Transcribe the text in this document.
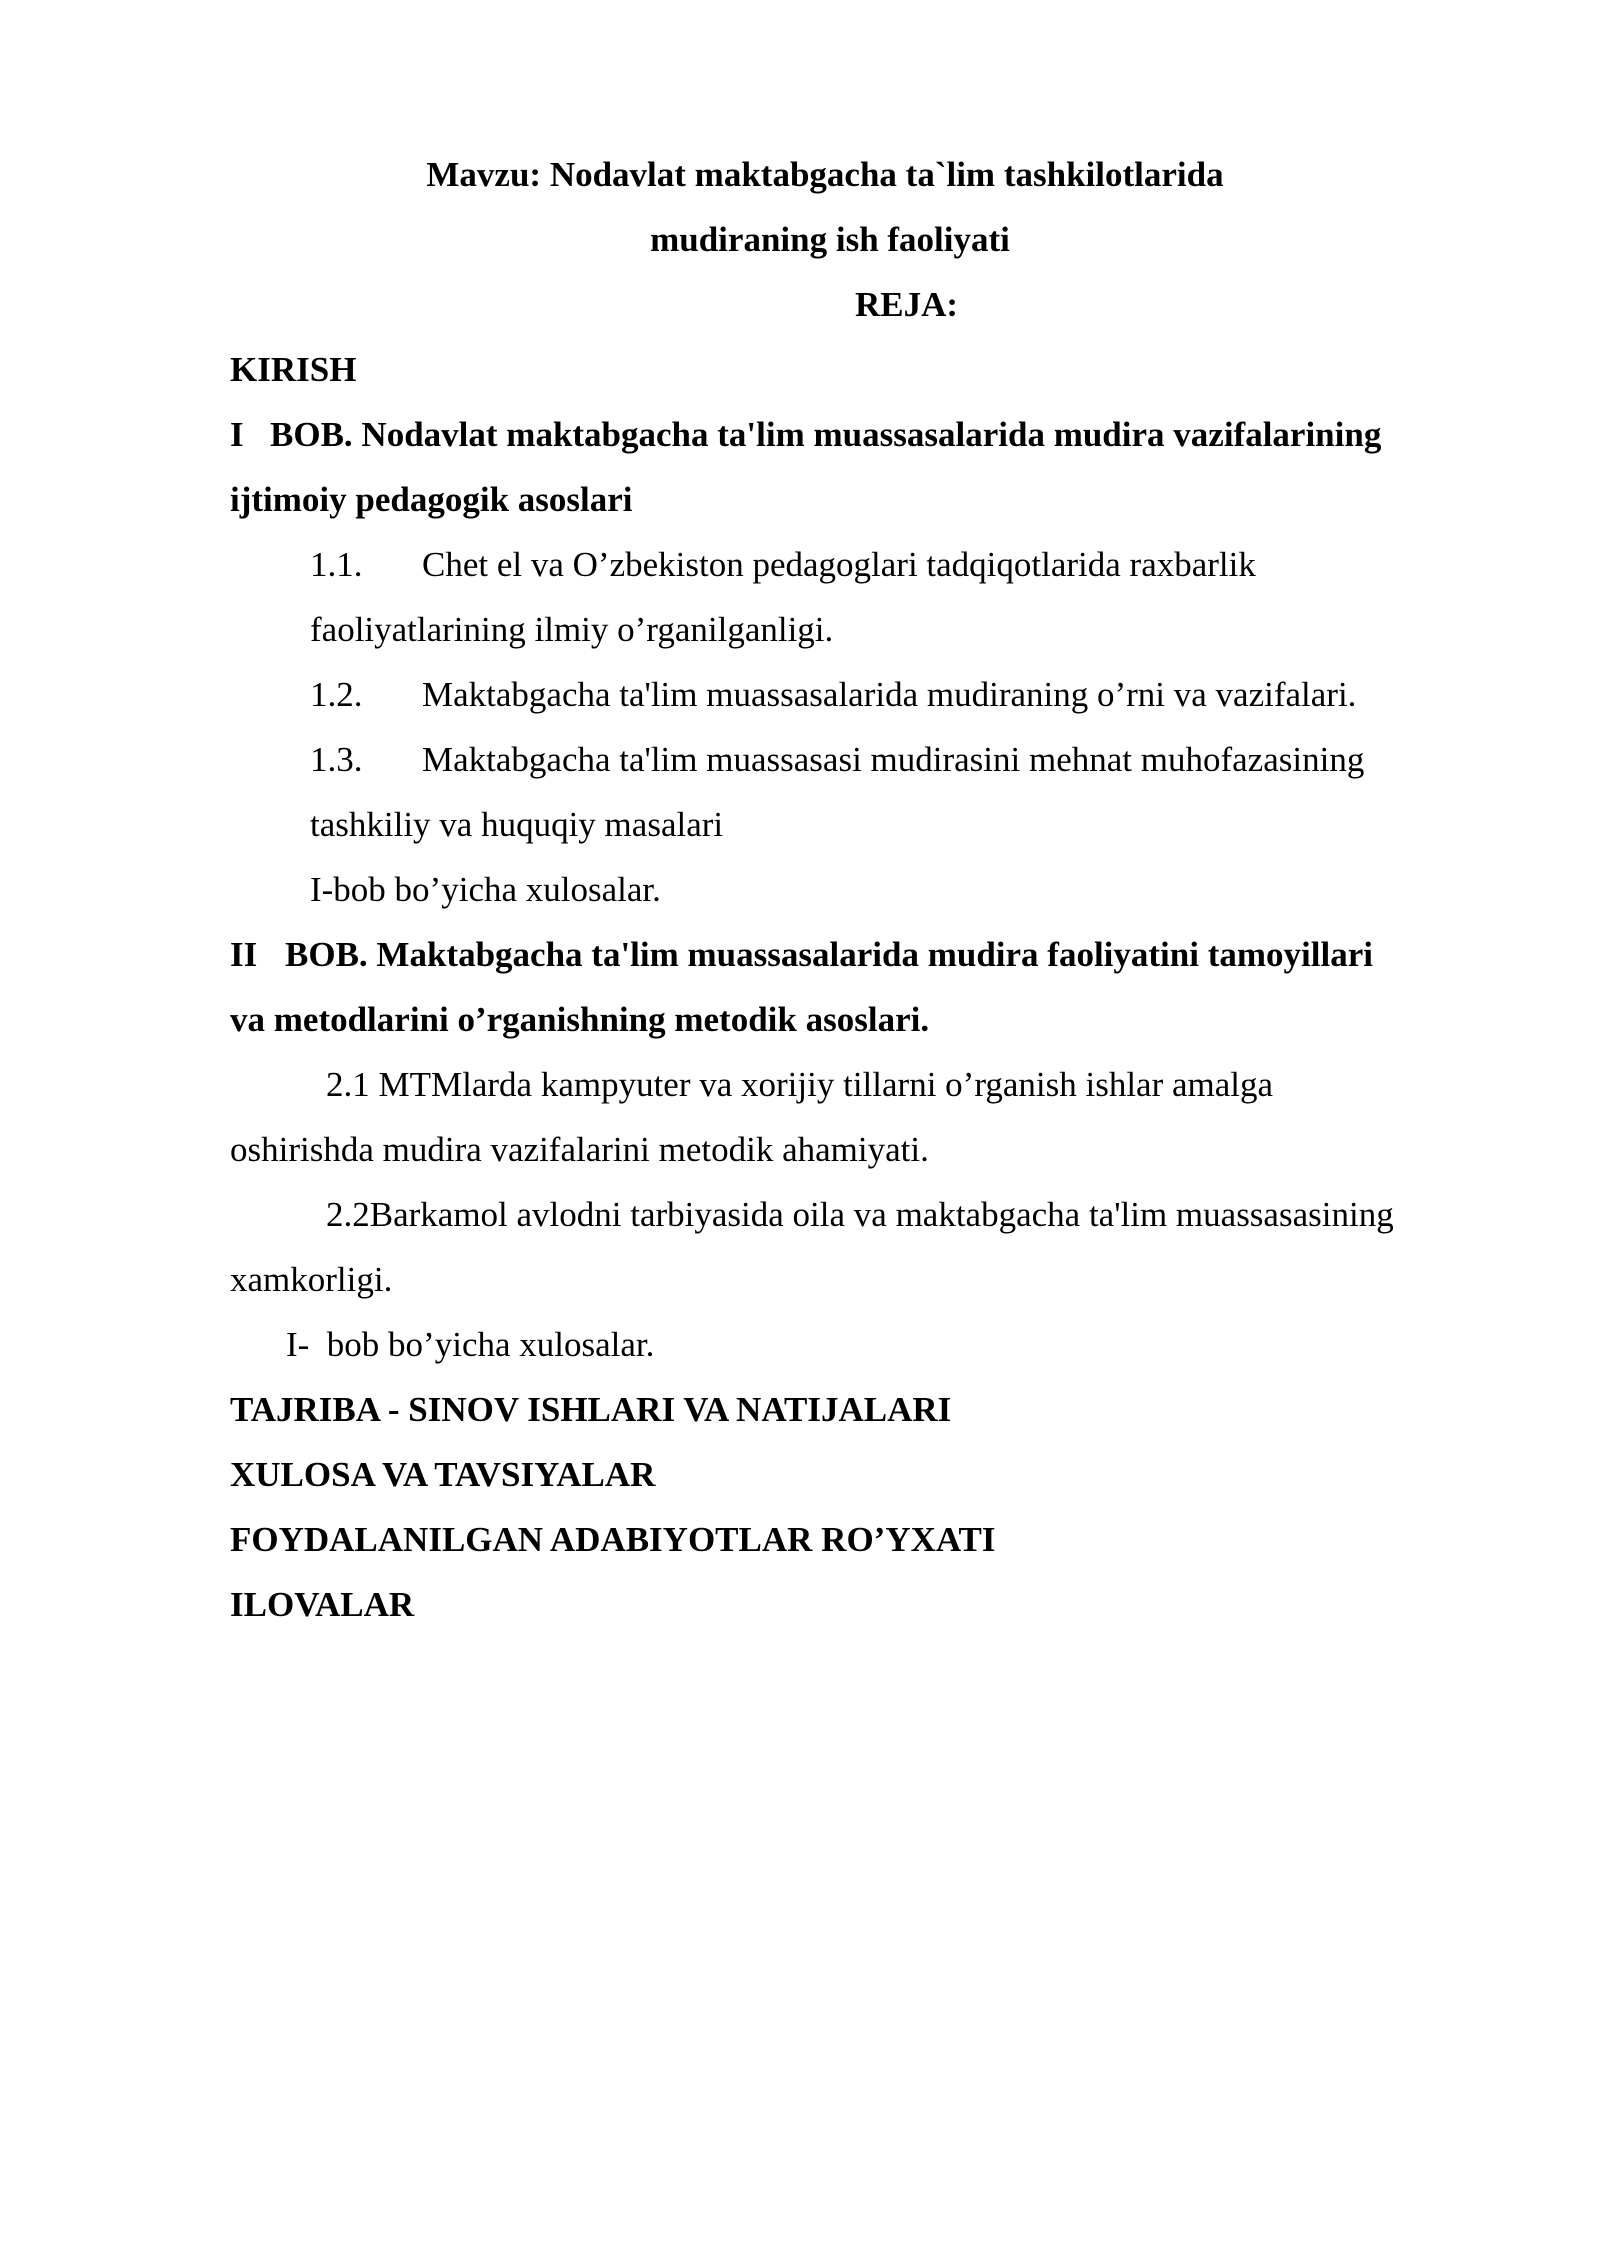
Mavzu: Nodavlat maktabgacha ta`lim tashkilotlarida
mudiraning ish faoliyati
REJA:
KIRISH
I BOB. Nodavlat maktabgacha ta'lim muassasalarida mudira vazifalarining
ijtimoiy pedagogik asoslari
1.1. Chet el va O’zbekiston pedagoglari tadqiqotlarida raxbarlik
faoliyatlarining ilmiy o’rganilganligi.
1.2. Maktabgacha ta'lim muassasalarida mudiraning o’rni va vazifalari.
1.3. Maktabgacha ta'lim muassasasi mudirasini mehnat muhofazasining
tashkiliy va huquqiy masalari
I-bob bo’yicha xulosalar.
II BOB. Maktabgacha ta'lim muassasalarida mudira faoliyatini tamoyillari
va metodlarini o’rganishning metodik asoslari.
2.1 MTMlarda kampyuter va xorijiy tillarni o’rganish ishlar amalga
oshirishda mudira vazifalarini metodik ahamiyati.
2.2Barkamol avlodni tarbiyasida oila va maktabgacha ta'lim muassasasining
xamkorligi.
I-  bob bo’yicha xulosalar.
TAJRIBA - SINOV ISHLARI VA NATIJALARI
XULOSA VA TAVSIYALAR
FOYDALANILGAN ADABIYOTLAR RO’YXATI
ILOVALAR
